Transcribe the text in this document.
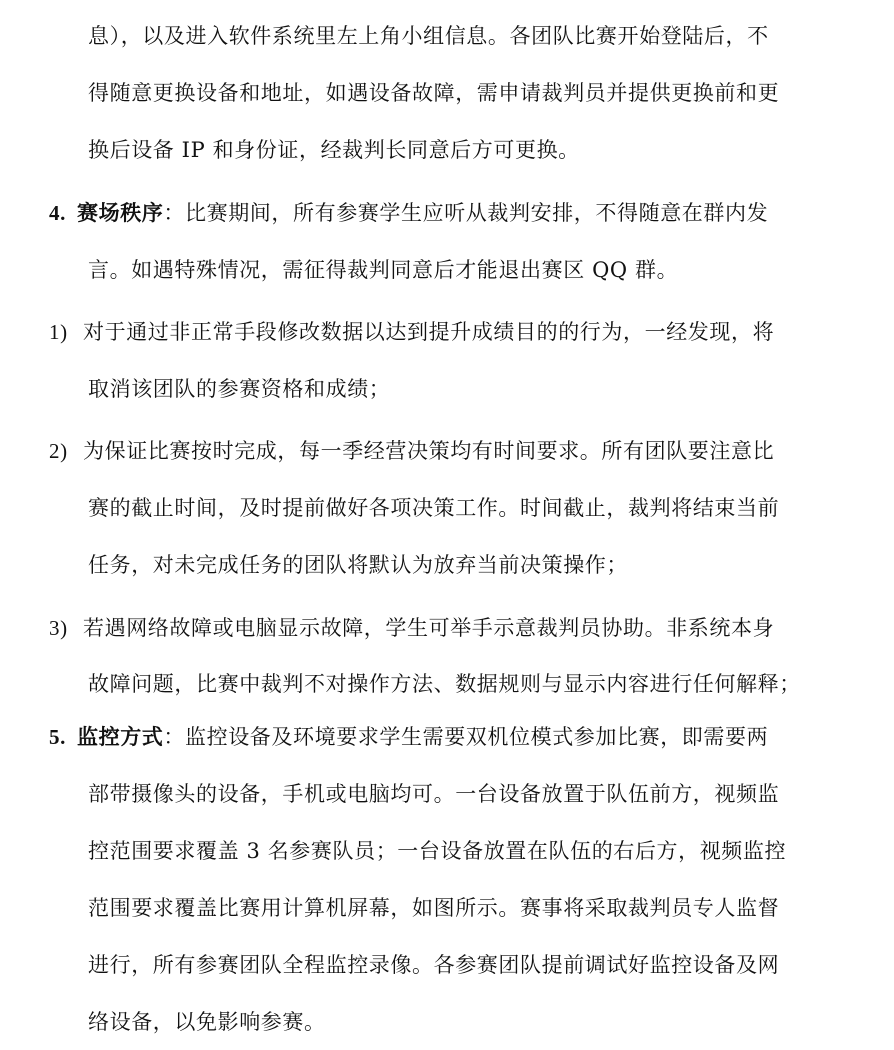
息），以及进入软件系统里左上角小组信息。各团队比赛开始登陆后，不
得随意更换设备和地址，如遇设备故障，需申请裁判员并提供更换前和更
换后设备 IP 和身份证，经裁判长同意后方可更换。
4. 赛场秩序：比赛期间，所有参赛学生应听从裁判安排，不得随意在群内发
言。如遇特殊情况，需征得裁判同意后才能退出赛区 QQ 群。
1) 对于通过非正常手段修改数据以达到提升成绩目的的行为，一经发现，将
取消该团队的参赛资格和成绩；
2) 为保证比赛按时完成，每一季经营决策均有时间要求。所有团队要注意比
赛的截止时间，及时提前做好各项决策工作。时间截止，裁判将结束当前
任务，对未完成任务的团队将默认为放弃当前决策操作；
3) 若遇网络故障或电脑显示故障，学生可举手示意裁判员协助。非系统本身
故障问题，比赛中裁判不对操作方法、数据规则与显示内容进行任何解释；
5. 监控方式：监控设备及环境要求学生需要双机位模式参加比赛，即需要两
部带摄像头的设备，手机或电脑均可。一台设备放置于队伍前方，视频监
控范围要求覆盖 3 名参赛队员；一台设备放置在队伍的右后方，视频监控
范围要求覆盖比赛用计算机屏幕，如图所示。赛事将采取裁判员专人监督
进行，所有参赛团队全程监控录像。各参赛团队提前调试好监控设备及网
络设备，以免影响参赛。
